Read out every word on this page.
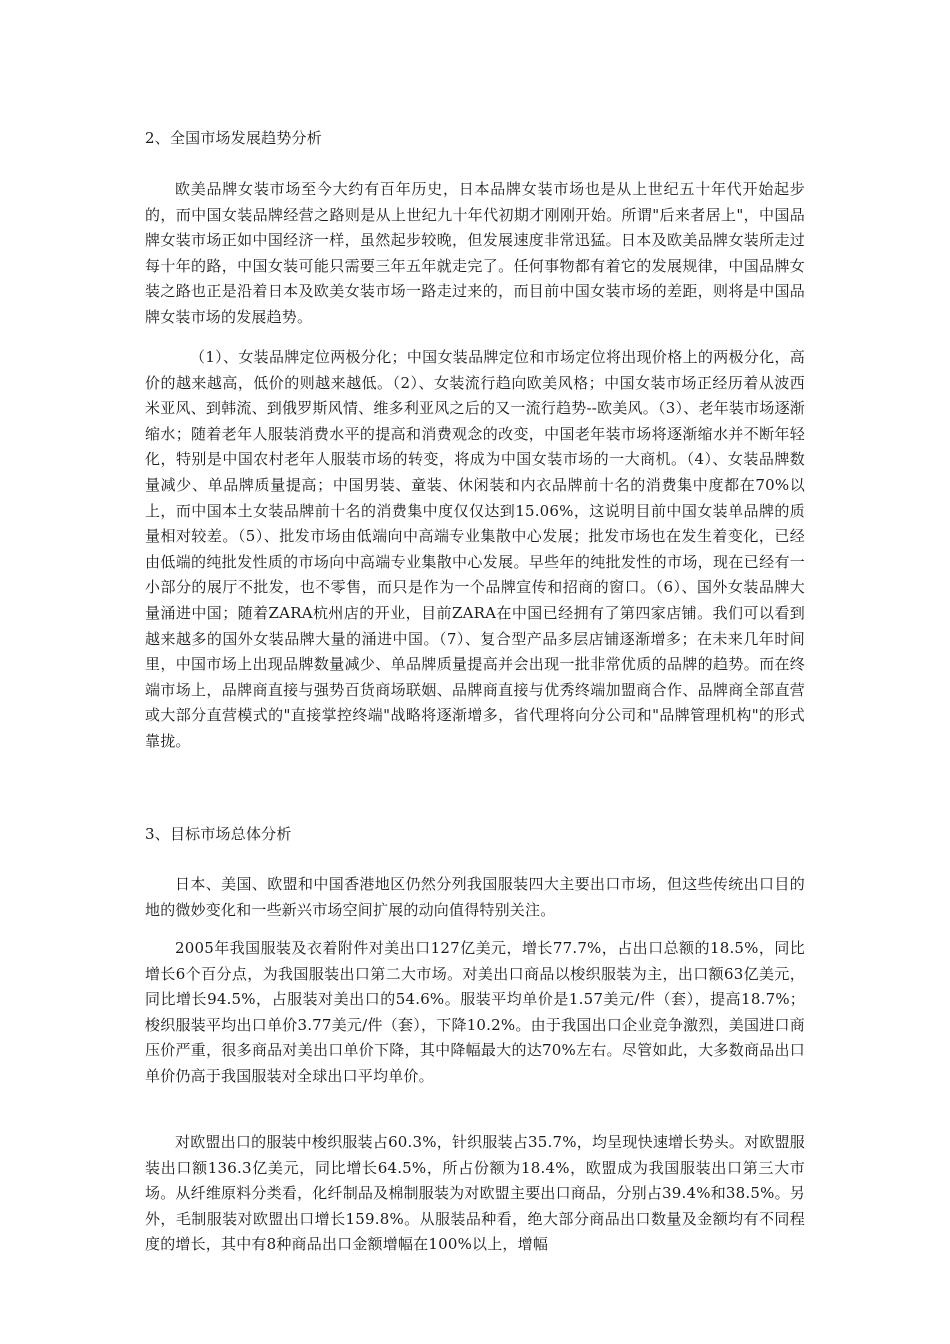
2、全国市场发展趋势分析

欧美品牌女装市场至今大约有百年历史，日本品牌女装市场也是从上世纪五十年代开始起步的，而中国女装品牌经营之路则是从上世纪九十年代初期才刚刚开始。所谓"后来者居上"，中国品牌女装市场正如中国经济一样，虽然起步较晚，但发展速度非常迅猛。日本及欧美品牌女装所走过每十年的路，中国女装可能只需要三年五年就走完了。任何事物都有着它的发展规律，中国品牌女装之路也正是沿着日本及欧美女装市场一路走过来的，而目前中国女装市场的差距，则将是中国品牌女装市场的发展趋势。

（1）、女装品牌定位两极分化；中国女装品牌定位和市场定位将出现价格上的两极分化，高价的越来越高，低价的则越来越低。（2）、女装流行趋向欧美风格；中国女装市场正经历着从波西米亚风、到韩流、到俄罗斯风情、维多利亚风之后的又一流行趋势--欧美风。（3）、老年装市场逐渐缩水；随着老年人服装消费水平的提高和消费观念的改变，中国老年装市场将逐渐缩水并不断年轻化，特别是中国农村老年人服装市场的转变，将成为中国女装市场的一大商机。（4）、女装品牌数量减少、单品牌质量提高；中国男装、童装、休闲装和内衣品牌前十名的消费集中度都在70%以上，而中国本土女装品牌前十名的消费集中度仅仅达到15.06%，这说明目前中国女装单品牌的质量相对较差。（5）、批发市场由低端向中高端专业集散中心发展；批发市场也在发生着变化，已经由低端的纯批发性质的市场向中高端专业集散中心发展。早些年的纯批发性的市场，现在已经有一小部分的展厅不批发，也不零售，而只是作为一个品牌宣传和招商的窗口。（6）、国外女装品牌大量涌进中国；随着ZARA杭州店的开业，目前ZARA在中国已经拥有了第四家店铺。我们可以看到越来越多的国外女装品牌大量的涌进中国。（7）、复合型产品多层店铺逐渐增多；在未来几年时间里，中国市场上出现品牌数量减少、单品牌质量提高并会出现一批非常优质的品牌的趋势。而在终端市场上，品牌商直接与强势百货商场联姻、品牌商直接与优秀终端加盟商合作、品牌商全部直营或大部分直营模式的"直接掌控终端"战略将逐渐增多，省代理将向分公司和"品牌管理机构"的形式靠拢。

3、目标市场总体分析

日本、美国、欧盟和中国香港地区仍然分列我国服装四大主要出口市场，但这些传统出口目的地的微妙变化和一些新兴市场空间扩展的动向值得特别关注。

2005年我国服装及衣着附件对美出口127亿美元，增长77.7%，占出口总额的18.5%，同比增长6个百分点，为我国服装出口第二大市场。对美出口商品以梭织服装为主，出口额63亿美元，同比增长94.5%，占服装对美出口的54.6%。服装平均单价是1.57美元/件（套），提高18.7%；梭织服装平均出口单价3.77美元/件（套），下降10.2%。由于我国出口企业竞争激烈，美国进口商压价严重，很多商品对美出口单价下降，其中降幅最大的达70%左右。尽管如此，大多数商品出口单价仍高于我国服装对全球出口平均单价。

对欧盟出口的服装中梭织服装占60.3%，针织服装占35.7%，均呈现快速增长势头。对欧盟服装出口额136.3亿美元，同比增长64.5%，所占份额为18.4%，欧盟成为我国服装出口第三大市场。从纤维原料分类看，化纤制品及棉制服装为对欧盟主要出口商品，分别占39.4%和38.5%。另外，毛制服装对欧盟出口增长159.8%。从服装品种看，绝大部分商品出口数量及金额均有不同程度的增长，其中有8种商品出口金额增幅在100%以上，增幅
